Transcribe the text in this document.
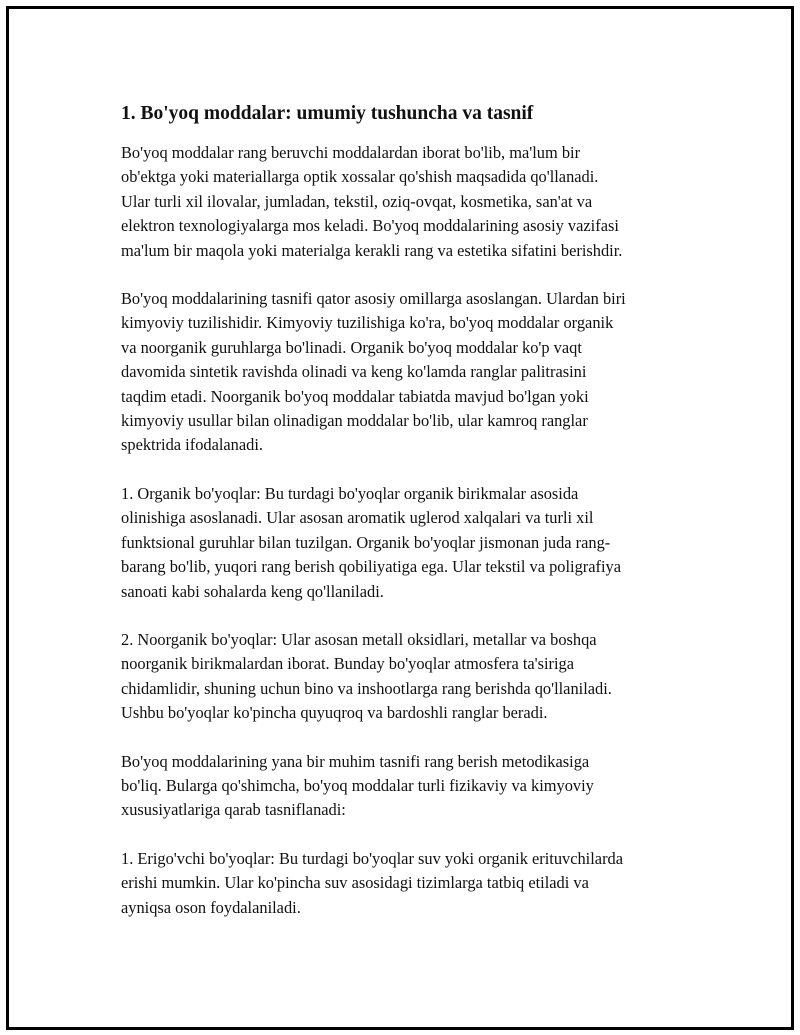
1. Bo'yoq moddalar: umumiy tushuncha va tasnif

Bo'yoq moddalar rang beruvchi moddalardan iborat bo'lib, ma'lum bir
ob'ektga yoki materiallarga optik xossalar qo'shish maqsadida qo'llanadi.
Ular turli xil ilovalar, jumladan, tekstil, oziq-ovqat, kosmetika, san'at va
elektron texnologiyalarga mos keladi. Bo'yoq moddalarining asosiy vazifasi
ma'lum bir maqola yoki materialga kerakli rang va estetika sifatini berishdir.

Bo'yoq moddalarining tasnifi qator asosiy omillarga asoslangan. Ulardan biri
kimyoviy tuzilishidir. Kimyoviy tuzilishiga ko'ra, bo'yoq moddalar organik
va noorganik guruhlarga bo'linadi. Organik bo'yoq moddalar ko'p vaqt
davomida sintetik ravishda olinadi va keng ko'lamda ranglar palitrasini
taqdim etadi. Noorganik bo'yoq moddalar tabiatda mavjud bo'lgan yoki
kimyoviy usullar bilan olinadigan moddalar bo'lib, ular kamroq ranglar
spektrida ifodalanadi.

1. Organik bo'yoqlar: Bu turdagi bo'yoqlar organik birikmalar asosida
olinishiga asoslanadi. Ular asosan aromatik uglerod xalqalari va turli xil
funktsional guruhlar bilan tuzilgan. Organik bo'yoqlar jismonan juda rang-
barang bo'lib, yuqori rang berish qobiliyatiga ega. Ular tekstil va poligrafiya
sanoati kabi sohalarda keng qo'llaniladi.

2. Noorganik bo'yoqlar: Ular asosan metall oksidlari, metallar va boshqa
noorganik birikmalardan iborat. Bunday bo'yoqlar atmosfera ta'siriga
chidamlidir, shuning uchun bino va inshootlarga rang berishda qo'llaniladi.
Ushbu bo'yoqlar ko'pincha quyuqroq va bardoshli ranglar beradi.

Bo'yoq moddalarining yana bir muhim tasnifi rang berish metodikasiga
bo'liq. Bularga qo'shimcha, bo'yoq moddalar turli fizikaviy va kimyoviy
xususiyatlariga qarab tasniflanadi:

1. Erigo'vchi bo'yoqlar: Bu turdagi bo'yoqlar suv yoki organik erituvchilarda
erishi mumkin. Ular ko'pincha suv asosidagi tizimlarga tatbiq etiladi va
ayniqsa oson foydalaniladi.
